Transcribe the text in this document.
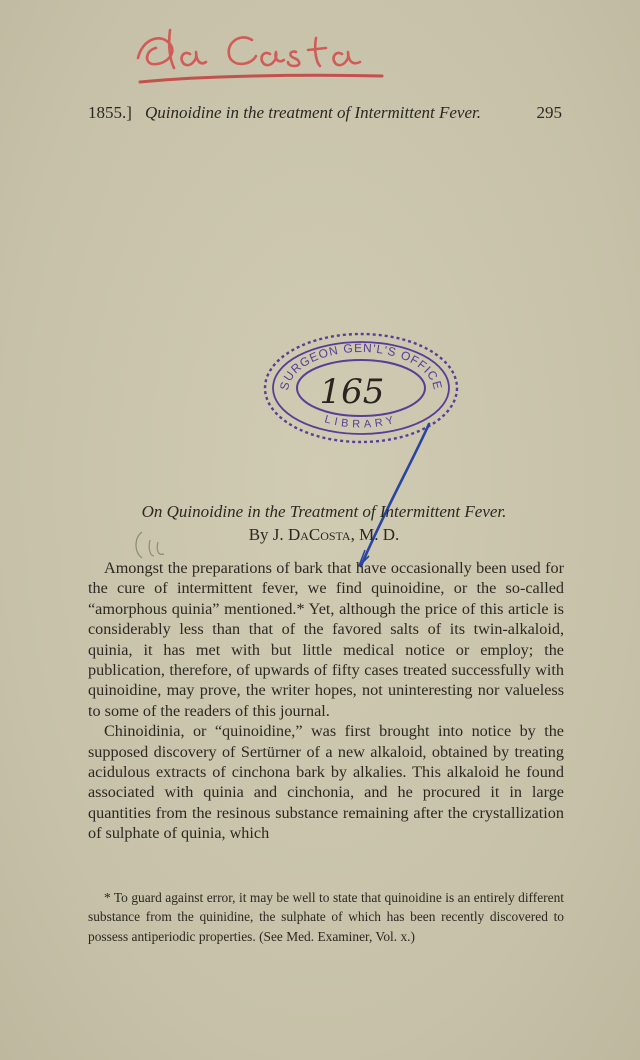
1855.] Quinoidine in the treatment of Intermittent Fever.	295
SURGEON GEN'L'S OFFICE
LIBRARY
165
On Quinoidine in the Treatment of Intermittent Fever.
By J. DaCosta, M. D.

Amongst the preparations of bark that have occasionally been used for the cure of intermittent fever, we find quinoidine, or the so-called “amorphous quinia” mentioned.* Yet, although the price of this article is considerably less than that of the favored salts of its twin-alkaloid, quinia, it has met with but little medical notice or employ; the publication, therefore, of upwards of fifty cases treated successfully with quinoidine, may prove, the writer hopes, not uninteresting nor valueless to some of the readers of this journal.

Chinoidinia, or “quinoidine,” was first brought into notice by the supposed discovery of Sertürner of a new alkaloid, obtained by treating acidulous extracts of cinchona bark by alkalies. This alkaloid he found associated with quinia and cinchonia, and he procured it in large quantities from the resinous substance remaining after the crystallization of sulphate of quinia, which

* To guard against error, it may be well to state that quinoidine is an entirely different substance from the quinidine, the sulphate of which has been recently discovered to possess antiperiodic properties. (See Med. Examiner, Vol. x.)
